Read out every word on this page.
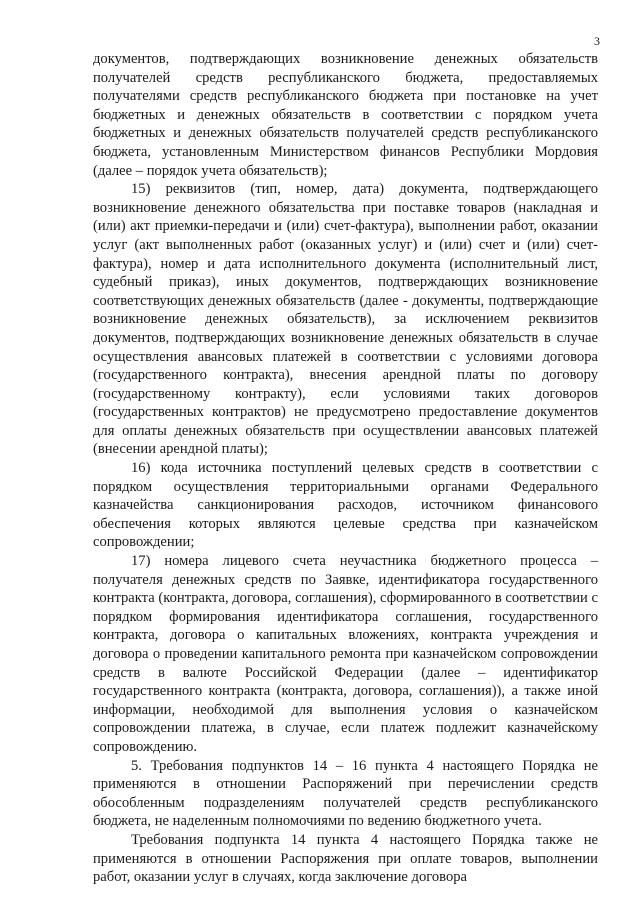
3

документов, подтверждающих возникновение денежных обязательств получателей средств республиканского бюджета, предоставляемых получателями средств республиканского бюджета при постановке на учет бюджетных и денежных обязательств в соответствии с порядком учета бюджетных и денежных обязательств получателей средств республиканского бюджета, установленным Министерством финансов Республики Мордовия (далее – порядок учета обязательств);

15) реквизитов (тип, номер, дата) документа, подтверждающего возникновение денежного обязательства при поставке товаров (накладная и (или) акт приемки-передачи и (или) счет-фактура), выполнении работ, оказании услуг (акт выполненных работ (оказанных услуг) и (или) счет и (или) счет-фактура), номер и дата исполнительного документа (исполнительный лист, судебный приказ), иных документов, подтверждающих возникновение соответствующих денежных обязательств (далее - документы, подтверждающие возникновение денежных обязательств), за исключением реквизитов документов, подтверждающих возникновение денежных обязательств в случае осуществления авансовых платежей в соответствии с условиями договора (государственного контракта), внесения арендной платы по договору (государственному контракту), если условиями таких договоров (государственных контрактов) не предусмотрено предоставление документов для оплаты денежных обязательств при осуществлении авансовых платежей (внесении арендной платы);

16) кода источника поступлений целевых средств в соответствии с порядком осуществления территориальными органами Федерального казначейства санкционирования расходов, источником финансового обеспечения которых являются целевые средства при казначейском сопровождении;

17) номера лицевого счета неучастника бюджетного процесса – получателя денежных средств по Заявке, идентификатора государственного контракта (контракта, договора, соглашения), сформированного в соответствии с порядком формирования идентификатора соглашения, государственного контракта, договора о капитальных вложениях, контракта учреждения и договора о проведении капитального ремонта при казначейском сопровождении средств в валюте Российской Федерации (далее – идентификатор государственного контракта (контракта, договора, соглашения)), а также иной информации, необходимой для выполнения условия о казначейском сопровождении платежа, в случае, если платеж подлежит казначейскому сопровождению.

5. Требования подпунктов 14 – 16 пункта 4 настоящего Порядка не применяются в отношении Распоряжений при перечислении средств обособленным подразделениям получателей средств республиканского бюджета, не наделенным полномочиями по ведению бюджетного учета.

Требования подпункта 14 пункта 4 настоящего Порядка также не применяются в отношении Распоряжения при оплате товаров, выполнении работ, оказании услуг в случаях, когда заключение договора
